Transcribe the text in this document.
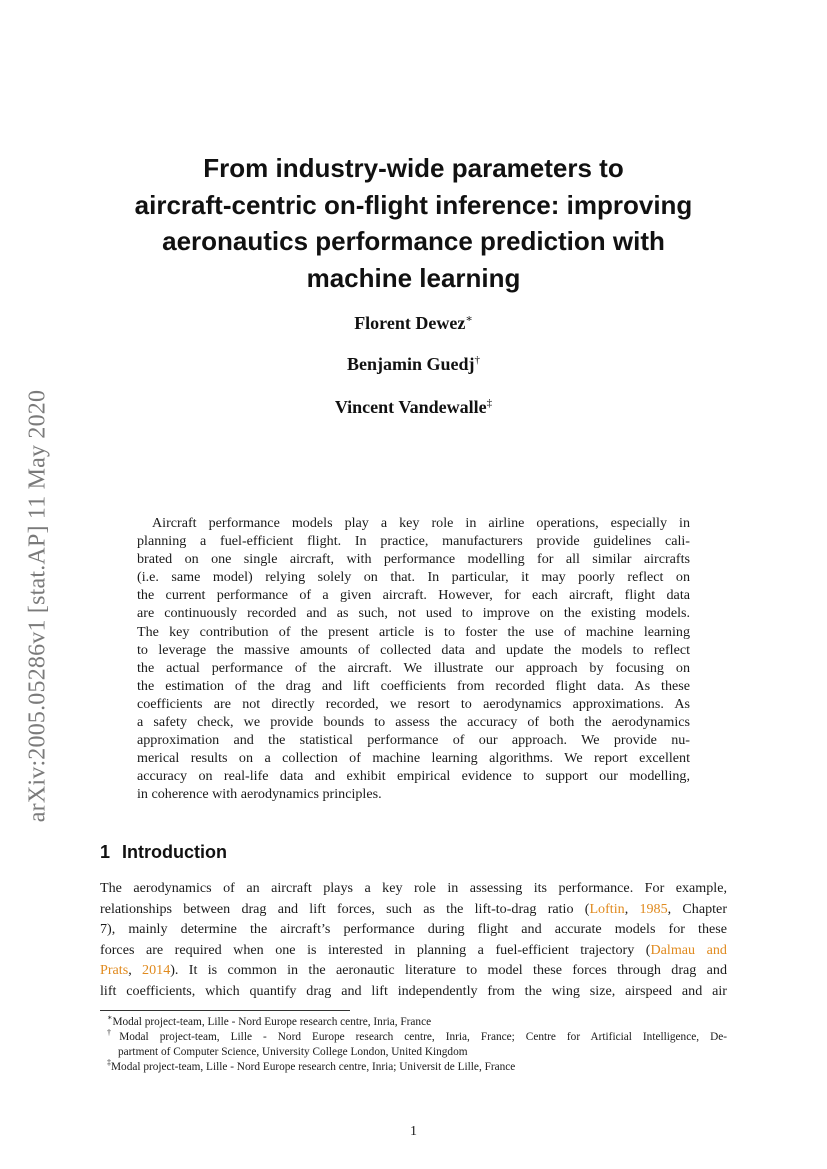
arXiv:2005.05286v1 [stat.AP] 11 May 2020
From industry-wide parameters to
aircraft-centric on-flight inference: improving
aeronautics performance prediction with
machine learning
Florent Dewez∗
Benjamin Guedj†
Vincent Vandewalle‡
Aircraft performance models play a key role in airline operations, especially in
planning a fuel-efficient flight. In practice, manufacturers provide guidelines cali-
brated on one single aircraft, with performance modelling for all similar aircrafts
(i.e. same model) relying solely on that. In particular, it may poorly reflect on
the current performance of a given aircraft. However, for each aircraft, flight data
are continuously recorded and as such, not used to improve on the existing models.
The key contribution of the present article is to foster the use of machine learning
to leverage the massive amounts of collected data and update the models to reflect
the actual performance of the aircraft. We illustrate our approach by focusing on
the estimation of the drag and lift coefficients from recorded flight data. As these
coefficients are not directly recorded, we resort to aerodynamics approximations. As
a safety check, we provide bounds to assess the accuracy of both the aerodynamics
approximation and the statistical performance of our approach. We provide nu-
merical results on a collection of machine learning algorithms. We report excellent
accuracy on real-life data and exhibit empirical evidence to support our modelling,
in coherence with aerodynamics principles.
1 Introduction
The aerodynamics of an aircraft plays a key role in assessing its performance. For example,
relationships between drag and lift forces, such as the lift-to-drag ratio (Loftin, 1985, Chapter
7), mainly determine the aircraft’s performance during flight and accurate models for these
forces are required when one is interested in planning a fuel-efficient trajectory (Dalmau and
Prats, 2014). It is common in the aeronautic literature to model these forces through drag and
lift coefficients, which quantify drag and lift independently from the wing size, airspeed and air
∗Modal project-team, Lille - Nord Europe research centre, Inria, France
†Modal project-team, Lille - Nord Europe research centre, Inria, France; Centre for Artificial Intelligence, De-
partment of Computer Science, University College London, United Kingdom
‡Modal project-team, Lille - Nord Europe research centre, Inria; Universit de Lille, France
1
